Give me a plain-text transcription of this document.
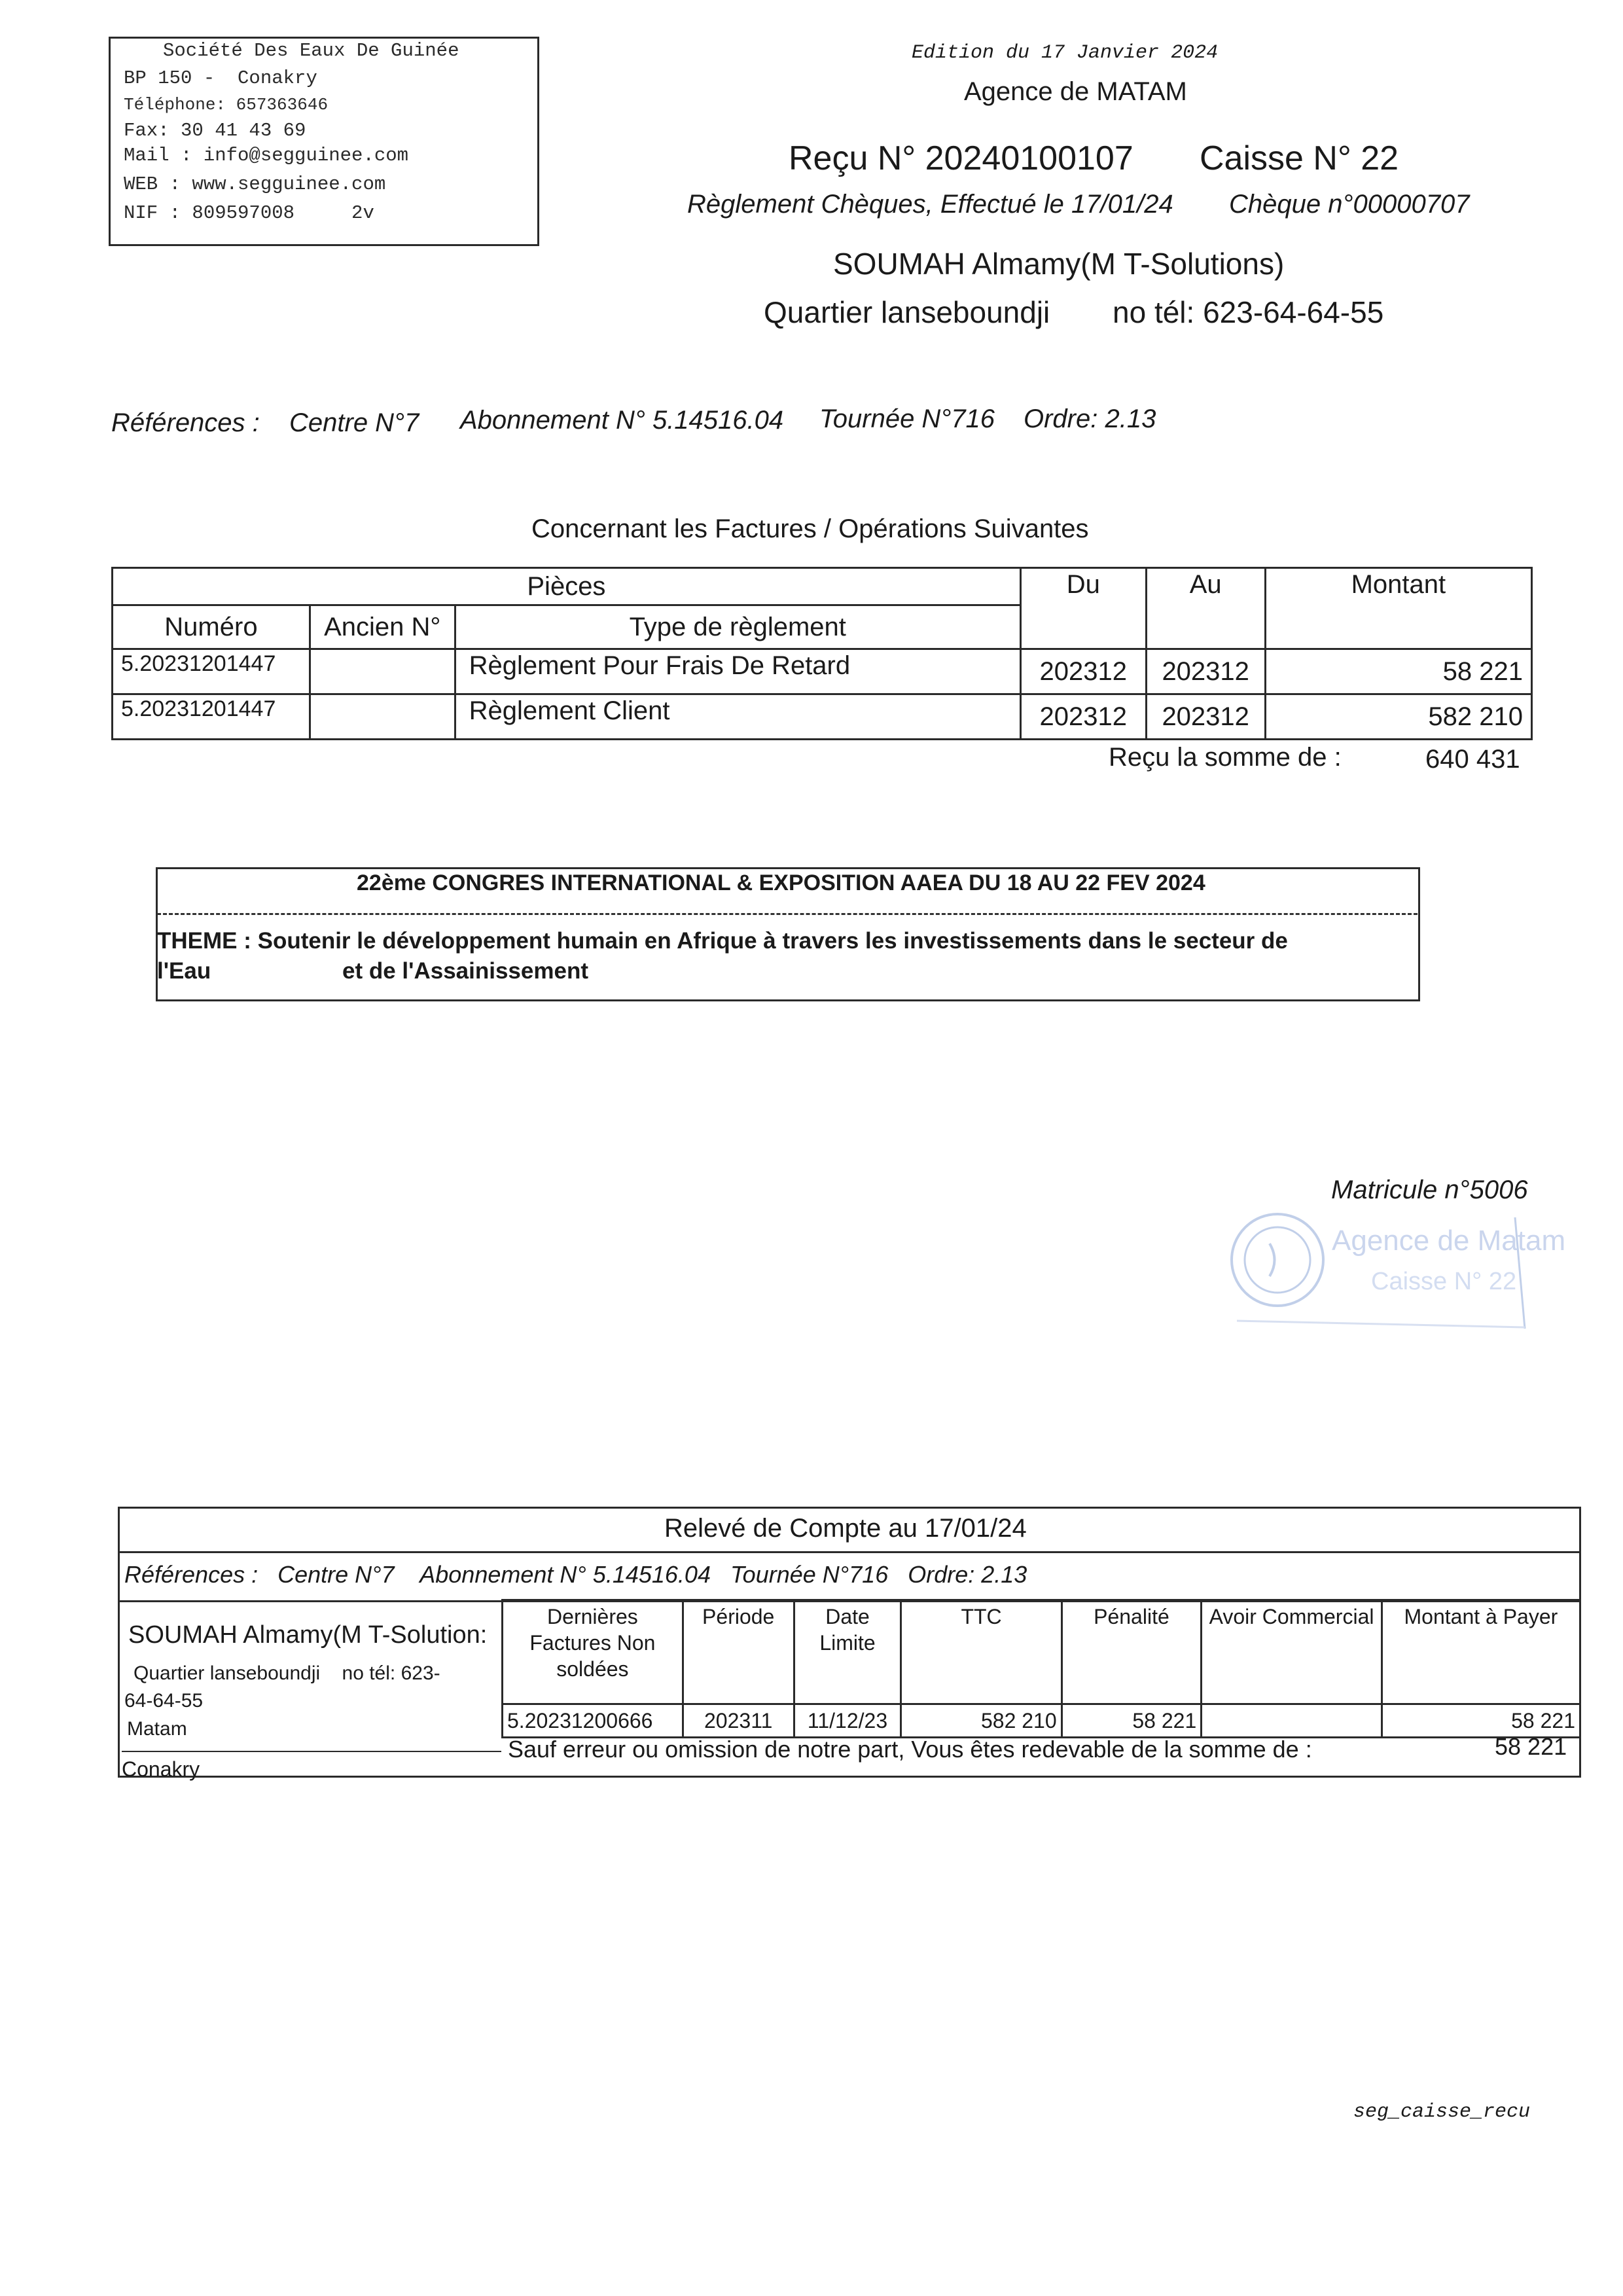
Société Des Eaux De Guinée
BP 150 -  Conakry
Téléphone: 657363646
Fax: 30 41 43 69
Mail : info@segguinee.com
WEB : www.segguinee.com
NIF : 809597008     2v
Edition du 17 Janvier 2024
Agence de MATAM
Reçu N° 20240100107 Caisse N° 22
Règlement Chèques, Effectué le 17/01/24 Chèque n°00000707
SOUMAH Almamy(M T-Solutions)
Quartier lanseboundji no tél: 623-64-64-55
Références : Centre N°7 Abonnement N° 5.14516.04 Tournée N°716 Ordre: 2.13
Concernant les Factures / Opérations Suivantes
Pièces			Du	Au	Montant
Numéro	Ancien N°	Type de règlement			
5.20231201447		Règlement Pour Frais De Retard	202312	202312	58 221
5.20231201447		Règlement Client	202312	202312	582 210
Reçu la somme de :	640 431
22ème CONGRES INTERNATIONAL & EXPOSITION AAEA DU 18 AU 22 FEV 2024
THEME : Soutenir le développement humain en Afrique à travers les investissements dans le secteur de
l'Eau	et de l'Assainissement
Matricule n°5006
Agence de Matam
Caisse N° 22
Relevé de Compte au 17/01/24
Références :   Centre N°7    Abonnement N° 5.14516.04   Tournée N°716   Ordre: 2.13
SOUMAH Almamy(M T-Solution:
Quartier lanseboundji    no tél: 623-
64-64-55
Matam
Conakry
Dernières Factures Non soldées	Période	Date Limite	TTC	Pénalité	Avoir Commercial	Montant à Payer
5.20231200666	202311	11/12/23	582 210	58 221		58 221
Sauf erreur ou omission de notre part, Vous êtes redevable de la somme de :	58 221
seg_caisse_recu
